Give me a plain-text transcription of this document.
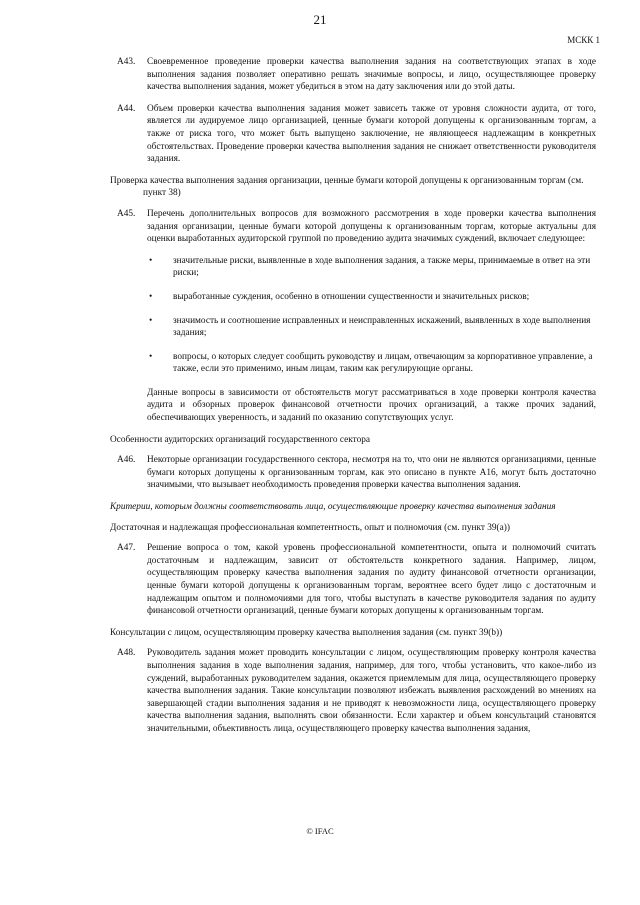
21
МСКК 1
A43. Своевременное проведение проверки качества выполнения задания на соответствующих этапах в ходе выполнения задания позволяет оперативно решать значимые вопросы, и лицо, осуществляющее проверку качества выполнения задания, может убедиться в этом на дату заключения или до этой даты.
A44. Объем проверки качества выполнения задания может зависеть также от уровня сложности аудита, от того, является ли аудируемое лицо организацией, ценные бумаги которой допущены к организованным торгам, а также от риска того, что может быть выпущено заключение, не являющееся надлежащим в конкретных обстоятельствах. Проведение проверки качества выполнения задания не снижает ответственности руководителя задания.
Проверка качества выполнения задания организации, ценные бумаги которой допущены к организованным торгам (см. пункт 38)
A45. Перечень дополнительных вопросов для возможного рассмотрения в ходе проверки качества выполнения задания организации, ценные бумаги которой допущены к организованным торгам, которые актуальны для оценки выработанных аудиторской группой по проведению аудита значимых суждений, включает следующее:
• значительные риски, выявленные в ходе выполнения задания, а также меры, принимаемые в ответ на эти риски;
• выработанные суждения, особенно в отношении существенности и значительных рисков;
• значимость и соотношение исправленных и неисправленных искажений, выявленных в ходе выполнения задания;
• вопросы, о которых следует сообщить руководству и лицам, отвечающим за корпоративное управление, а также, если это применимо, иным лицам, таким как регулирующие органы.
Данные вопросы в зависимости от обстоятельств могут рассматриваться в ходе проверки контроля качества аудита и обзорных проверок финансовой отчетности прочих организаций, а также прочих заданий, обеспечивающих уверенность, и заданий по оказанию сопутствующих услуг.
Особенности аудиторских организаций государственного сектора
A46. Некоторые организации государственного сектора, несмотря на то, что они не являются организациями, ценные бумаги которых допущены к организованным торгам, как это описано в пункте A16, могут быть достаточно значимыми, что вызывает необходимость проведения проверки качества выполнения задания.
Критерии, которым должны соответствовать лица, осуществляющие проверку качества выполнения задания
Достаточная и надлежащая профессиональная компетентность, опыт и полномочия (см. пункт 39(a))
A47. Решение вопроса о том, какой уровень профессиональной компетентности, опыта и полномочий считать достаточным и надлежащим, зависит от обстоятельств конкретного задания. Например, лицом, осуществляющим проверку качества выполнения задания по аудиту финансовой отчетности организации, ценные бумаги которой допущены к организованным торгам, вероятнее всего будет лицо с достаточным и надлежащим опытом и полномочиями для того, чтобы выступать в качестве руководителя задания по аудиту финансовой отчетности организаций, ценные бумаги которых допущены к организованным торгам.
Консультации с лицом, осуществляющим проверку качества выполнения задания (см. пункт 39(b))
A48. Руководитель задания может проводить консультации с лицом, осуществляющим проверку контроля качества выполнения задания в ходе выполнения задания, например, для того, чтобы установить, что какое-либо из суждений, выработанных руководителем задания, окажется приемлемым для лица, осуществляющего проверку качества выполнения задания. Такие консультации позволяют избежать выявления расхождений во мнениях на завершающей стадии выполнения задания и не приводят к невозможности лица, осуществляющего проверку качества выполнения задания, выполнять свои обязанности. Если характер и объем консультаций становятся значительными, объективность лица, осуществляющего проверку качества выполнения задания,
© IFAC
